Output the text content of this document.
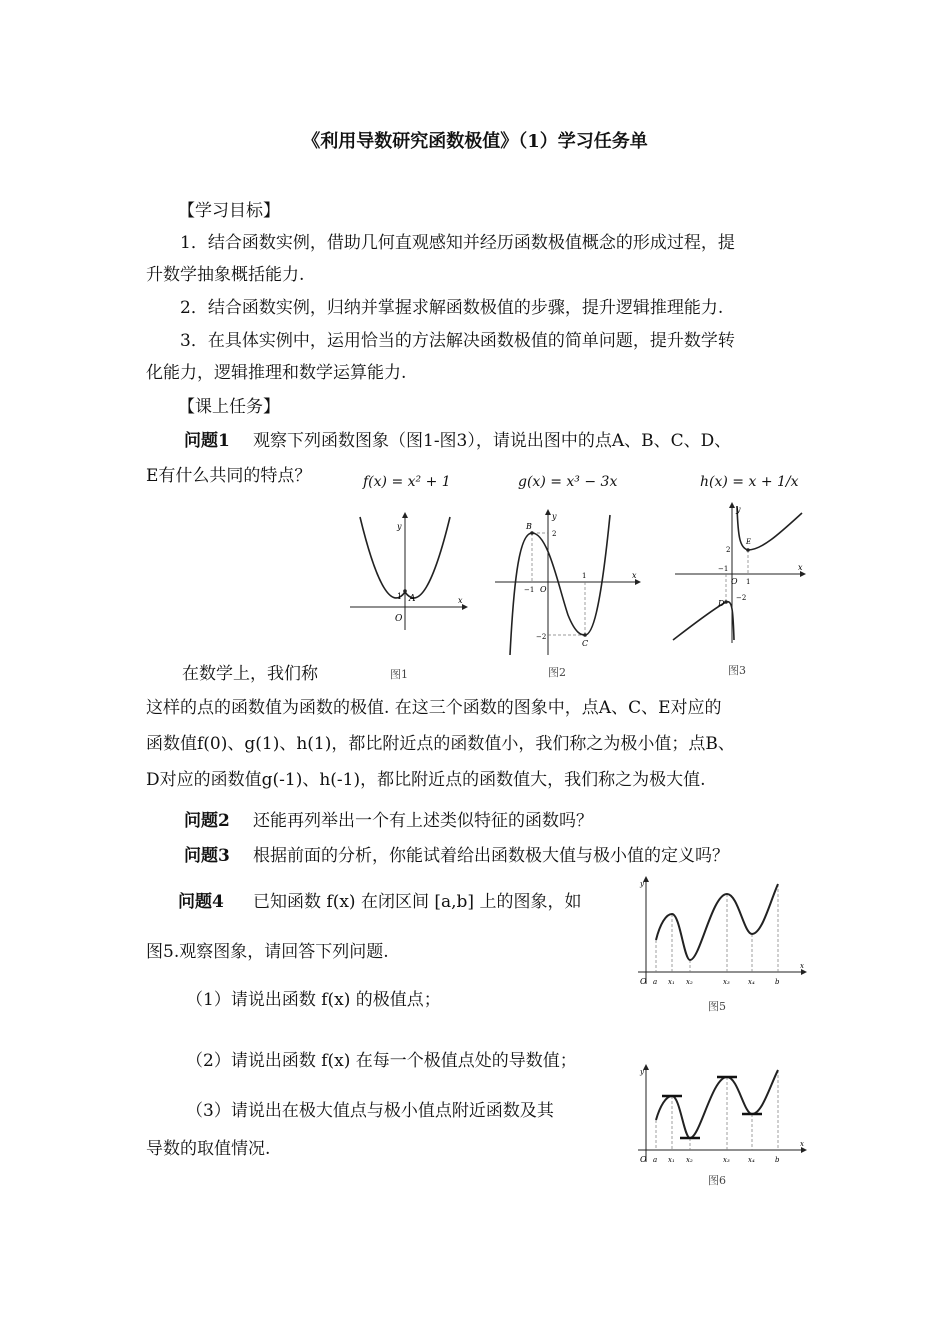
《利用导数研究函数极值》（1）学习任务单
【学习目标】
1．结合函数实例，借助几何直观感知并经历函数极值概念的形成过程，提
升数学抽象概括能力.
2．结合函数实例，归纳并掌握求解函数极值的步骤，提升逻辑推理能力.
3．在具体实例中，运用恰当的方法解决函数极值的简单问题，提升数学转
化能力，逻辑推理和数学运算能力.
【课上任务】
问题1 观察下列函数图象（图1-图3），请说出图中的点A、B、C、D、
E有什么共同的特点？	f(x) = x² + 1	g(x) = x³ − 3x	h(x) = x + 1/x
A
y
x
O
1
B
C
y
x
O
−1
1
2
−2
E
D
y
x
O
−1
1
2
−2
图1	图2	图3
在数学上，我们称
这样的点的函数值为函数的极值. 在这三个函数的图象中，点A、C、E对应的
函数值f(0)、g(1)、h(1)，都比附近点的函数值小，我们称之为极小值；点B、
D对应的函数值g(-1)、h(-1)，都比附近点的函数值大，我们称之为极大值.
问题2 还能再列举出一个有上述类似特征的函数吗？
问题3 根据前面的分析，你能试着给出函数极大值与极小值的定义吗？
问题4 已知函数 f(x) 在闭区间 [a,b] 上的图象，如
图5.观察图象，请回答下列问题.
（1）请说出函数 f(x) 的极值点；
（2）请说出函数 f(x) 在每一个极值点处的导数值；
（3）请说出在极大值点与极小值点附近函数及其
导数的取值情况.
O a x₁ x₂	x₃	x₄	b
y
x
图5
O a x₁ x₂	x₃	x₄	b
y
x
图6
